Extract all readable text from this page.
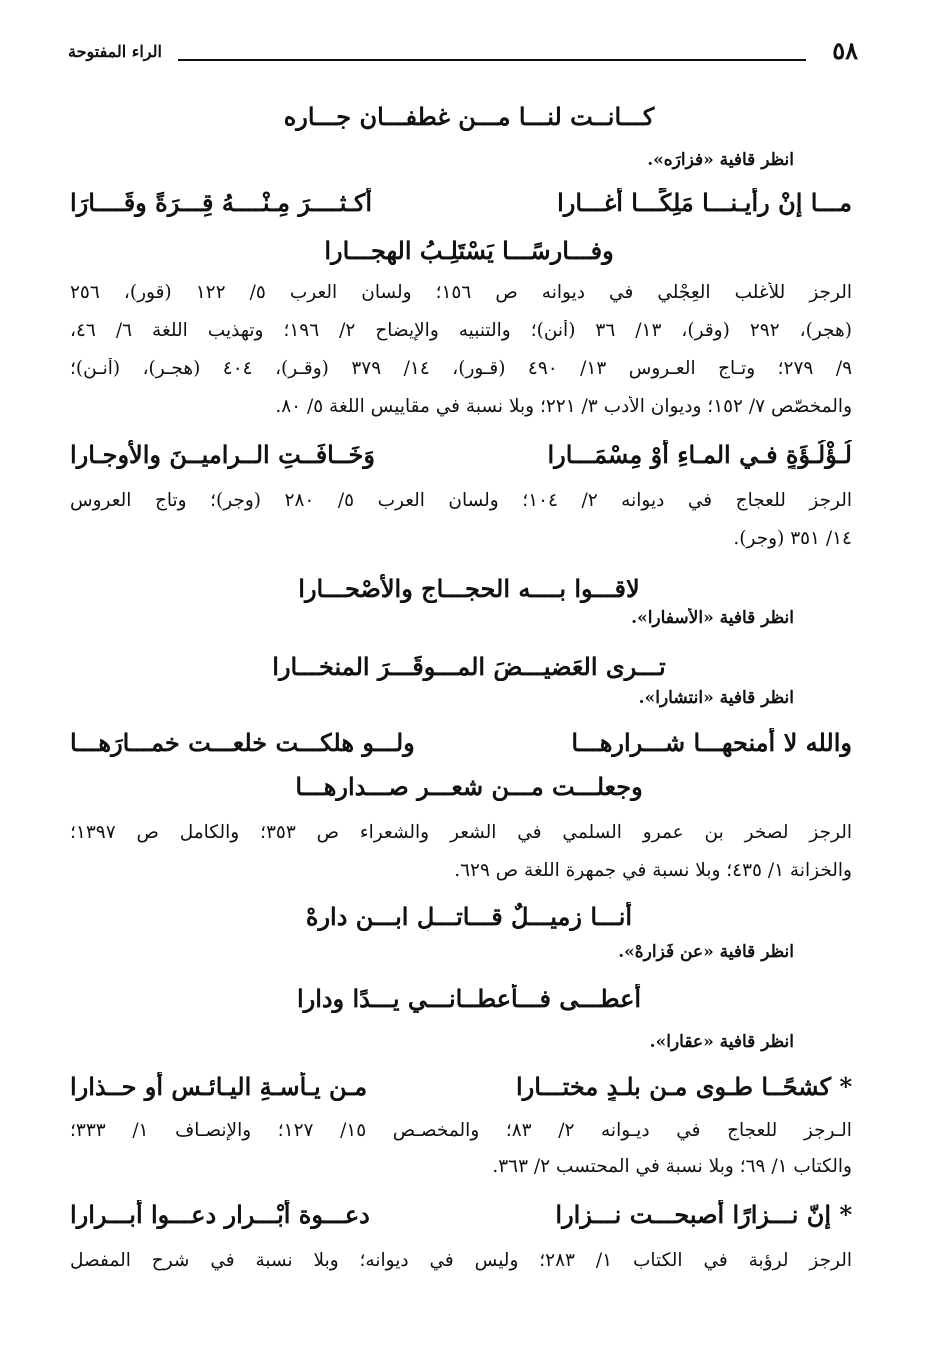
٥٨
الراء المفتوحة
كـــانــت لنـــا مـــن غطفـــان جـــاره
انظر قافية «فزارَه».
مـــا إنْ رأيـنـــا مَلِكًـــا أغـــارا
أكـثــــرَ مِـنْــــهُ قِـــرَةً وقَــــارَا
وفـــارِسًـــا يَسْتَلِـبُ الهِجـــارا
الرجز للأَغلب العِجْلي في ديوانه ص ١٥٦؛ ولسان العرب ٥/ ١٢٢ (قور)، ٢٥٦
(هجر)، ٢٩٢ (وقر)، ١٣/ ٣٦ (أنن)؛ والتنبيه والإيضاح ٢/ ١٩٦؛ وتهذيب اللغة ٦/ ٤٦،
٩/ ٢٧٩؛ وتـاج العـروس ١٣/ ٤٩٠ (قـور)، ١٤/ ٣٧٩ (وقـر)، ٤٠٤ (هجـر)، (أنـن)؛
والمخصّص ٧/ ١٥٢؛ وديوان الأدب ٣/ ٢٢١؛ وبلا نسبة في مقاييس اللغة ٥/ ٨٠.
لُـؤْلُـؤَةٍ فـي المـاءِ أوْ مِسْمَـــارا
وَخَــافَــتِ الــراميــنَ والأوجـارا
الرجز للعجاج في ديوانه ٢/ ١٠٤؛ ولسان العرب ٥/ ٢٨٠ (وجر)؛ وتاج العروس
١٤/ ٣٥١ (وجر).
لاقـــوا بــــه الحجـــاج والأصْحـــارا
انظر قافية «الأسفارا».
تـــرى العَضيـــضَ المـــوقَـــرَ المنخـــارا
انظر قافية «انتشارا».
والله لا أمنحهـــا شـــرارهـــا
ولـــو هلكـــت خلعـــت خمـــارَهـــا
وجعلـــت مـــن شعـــر صـــدارهـــا
الرجز لصخر بن عمرو السلمي في الشعر والشعراء ص ٣٥٣؛ والكامل ص ١٣٩٧؛
والخزانة ١/ ٤٣٥؛ وبلا نسبة في جمهرة اللغة ص ٦٢٩.
أنـــا زميـــلٌ قـــاتـــلِ ابـــن دارهْ
انظر قافية «عن فَزارهْ».
أعطـــى فـــأعطــانـــي يـــدًا ودارا
انظر قافية «عقارا».
* كشحًــا طـوى مـن بلـدٍ مختـــارا
مـن يـأسـةِ اليـائـسِ أو حــذارا
الـرجز للعجاج في ديـوانه ٢/ ٨٣؛ والمخصـص ١٥/ ١٢٧؛ والإنصـاف ١/ ٣٣٣؛
والكتاب ١/ ٦٩؛ وبلا نسبة في المحتسب ٢/ ٣٦٣.
* إنّ نـــزارًا أصبحـــت نـــزارا
دعـــوة أبْـــرارٍ دعـــوا أبـــرارا
الرجز لرؤبة في الكتاب ١/ ٢٨٣؛ وليس في ديوانه؛ وبلا نسبة في شرح المفصل
